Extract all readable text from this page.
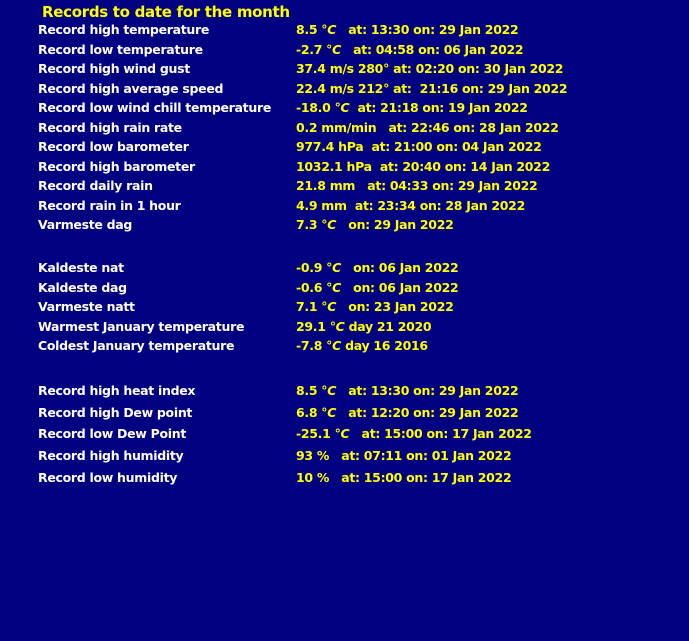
Records to date for the month
Record high temperature	8.5 °C   at: 13:30 on: 29 Jan 2022
Record low temperature	-2.7 °C   at: 04:58 on: 06 Jan 2022
Record high wind gust	37.4 m/s 280° at: 02:20 on: 30 Jan 2022
Record high average speed	22.4 m/s 212° at:  21:16 on: 29 Jan 2022
Record low wind chill temperature	-18.0 °C  at: 21:18 on: 19 Jan 2022
Record high rain rate	0.2 mm/min   at: 22:46 on: 28 Jan 2022
Record low barometer	977.4 hPa  at: 21:00 on: 04 Jan 2022
Record high barometer	1032.1 hPa  at: 20:40 on: 14 Jan 2022
Record daily rain	21.8 mm   at: 04:33 on: 29 Jan 2022
Record rain in 1 hour	4.9 mm  at: 23:34 on: 28 Jan 2022
Varmeste dag	7.3 °C   on: 29 Jan 2022
Kaldeste nat	-0.9 °C   on: 06 Jan 2022
Kaldeste dag	-0.6 °C   on: 06 Jan 2022
Varmeste natt	7.1 °C   on: 23 Jan 2022
Warmest January temperature	29.1 °C day 21 2020
Coldest January temperature	-7.8 °C day 16 2016
Record high heat index	8.5 °C   at: 13:30 on: 29 Jan 2022
Record high Dew point	6.8 °C   at: 12:20 on: 29 Jan 2022
Record low Dew Point	-25.1 °C   at: 15:00 on: 17 Jan 2022
Record high humidity	93 %   at: 07:11 on: 01 Jan 2022
Record low humidity	10 %   at: 15:00 on: 17 Jan 2022
